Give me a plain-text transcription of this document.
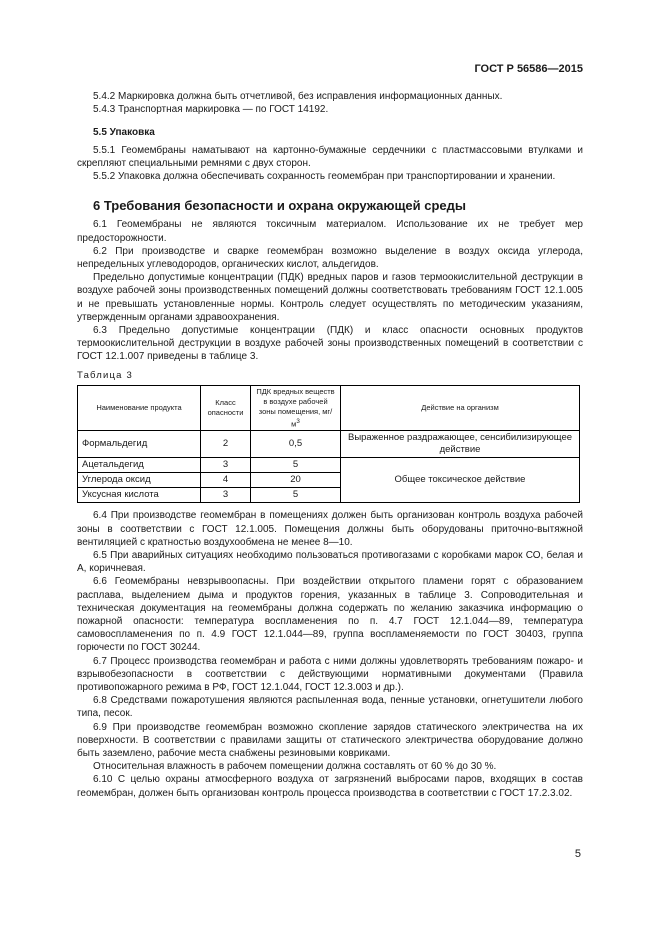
ГОСТ Р 56586—2015

5.4.2 Маркировка должна быть отчетливой, без исправления информационных данных.

5.4.3 Транспортная маркировка — по ГОСТ 14192.

5.5 Упаковка

5.5.1 Геомембраны наматывают на картонно-бумажные сердечники с пластмассовыми втулками и скрепляют специальными ремнями с двух сторон.

5.5.2 Упаковка должна обеспечивать сохранность геомембран при транспортировании и хранении.

6 Требования безопасности и охрана окружающей среды

6.1 Геомембраны не являются токсичным материалом. Использование их не требует мер предосторожности.

6.2 При производстве и сварке геомембран возможно выделение в воздух оксида углерода, непредельных углеводородов, органических кислот, альдегидов.

Предельно допустимые концентрации (ПДК) вредных паров и газов термоокислительной деструкции в воздухе рабочей зоны производственных помещений должны соответствовать требованиям ГОСТ 12.1.005 и не превышать установленные нормы. Контроль следует осуществлять по методическим указаниям, утвержденным органами здравоохранения.

6.3 Предельно допустимые концентрации (ПДК) и класс опасности основных продуктов термоокислительной деструкции в воздухе рабочей зоны производственных помещений в соответствии с ГОСТ 12.1.007 приведены в таблице 3.

Таблица 3

Наименование продукта	Класс опасности	ПДК вредных веществ в воздухе рабочей зоны помещения, $мг/м^3$	Действие на организм
Формальдегид	2	0,5	Выраженное раздражающее, сенсибилизирующее действие
Ацетальдегид	3	5	Общее токсическое действие
Углерода оксид	4	20	
Уксусная кислота	3	5	

6.4 При производстве геомембран в помещениях должен быть организован контроль воздуха рабочей зоны в соответствии с ГОСТ 12.1.005. Помещения должны быть оборудованы приточно-вытяжной вентиляцией с кратностью воздухообмена не менее 8—10.

6.5 При аварийных ситуациях необходимо пользоваться противогазами с коробками марок СО, белая и А, коричневая.

6.6 Геомембраны невзрывоопасны. При воздействии открытого пламени горят с образованием расплава, выделением дыма и продуктов горения, указанных в таблице 3. Сопроводительная и техническая документация на геомембраны должна содержать по желанию заказчика информацию о пожарной опасности: температура воспламенения по п. 4.7 ГОСТ 12.1.044—89, температура самовоспламенения по п. 4.9 ГОСТ 12.1.044—89, группа воспламеняемости по ГОСТ 30403, группа горючести по ГОСТ 30244.

6.7 Процесс производства геомембран и работа с ними должны удовлетворять требованиям пожаро- и взрывобезопасности в соответствии с действующими нормативными документами (Правила противопожарного режима в РФ, ГОСТ 12.1.044, ГОСТ 12.3.003 и др.).

6.8 Средствами пожаротушения являются распыленная вода, пенные установки, огнетушители любого типа, песок.

6.9 При производстве геомембран возможно скопление зарядов статического электричества на их поверхности. В соответствии с правилами защиты от статического электричества оборудование должно быть заземлено, рабочие места снабжены резиновыми ковриками.

Относительная влажность в рабочем помещении должна составлять от 60 % до 30 %.

6.10 С целью охраны атмосферного воздуха от загрязнений выбросами паров, входящих в состав геомембран, должен быть организован контроль процесса производства в соответствии с ГОСТ 17.2.3.02.

5
